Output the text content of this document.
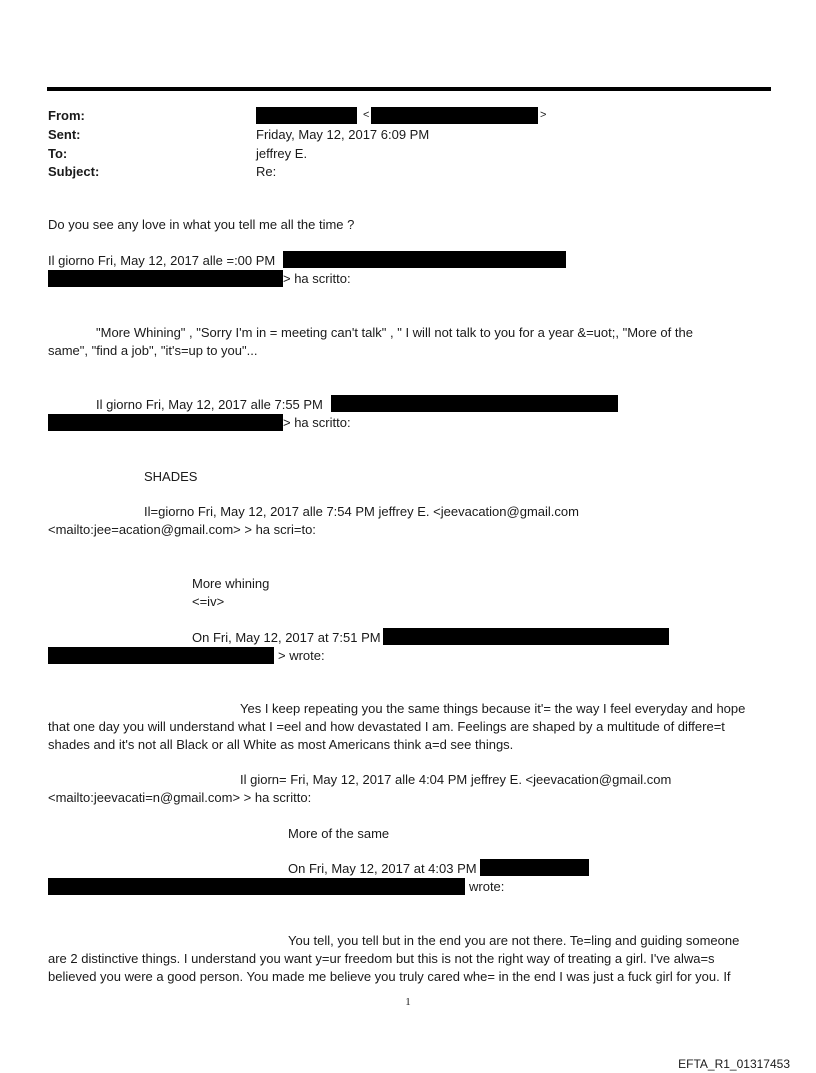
From:	<	>
Sent:	Friday, May 12, 2017 6:09 PM
To:	jeffrey E.
Subject:	Re:
Do you see any love in what you tell me all the time ?
Il giorno Fri, May 12, 2017 alle =:00 PM
> ha scritto:
"More Whining" , "Sorry I'm in = meeting can't talk" , " I will not talk to you for a year &=uot;, "More of the
same", "find a job", "it's=up to you"...
Il giorno Fri, May 12, 2017 alle 7:55 PM
> ha scritto:
SHADES
Il=giorno Fri, May 12, 2017 alle 7:54 PM jeffrey E. <jeevacation@gmail.com
<mailto:jee=acation@gmail.com> > ha scri=to:
More whining
<=iv>
On Fri, May 12, 2017 at 7:51 PM
> wrote:
Yes I keep repeating you the same things because it'= the way I feel everyday and hope
that one day you will understand what I =eel and how devastated I am. Feelings are shaped by a multitude of differe=t
shades and it's not all Black or all White as most Americans think a=d see things.
Il giorn= Fri, May 12, 2017 alle 4:04 PM jeffrey E. <jeevacation@gmail.com
<mailto:jeevacati=n@gmail.com> > ha scritto:
More of the same
On Fri, May 12, 2017 at 4:03 PM
wrote:
You tell, you tell but in the end you are not there. Te=ling and guiding someone
are 2 distinctive things. I understand you want y=ur freedom but this is not the right way of treating a girl. I've alwa=s
believed you were a good person. You made me believe you truly cared whe= in the end I was just a fuck girl for you. If
1
EFTA_R1_01317453
